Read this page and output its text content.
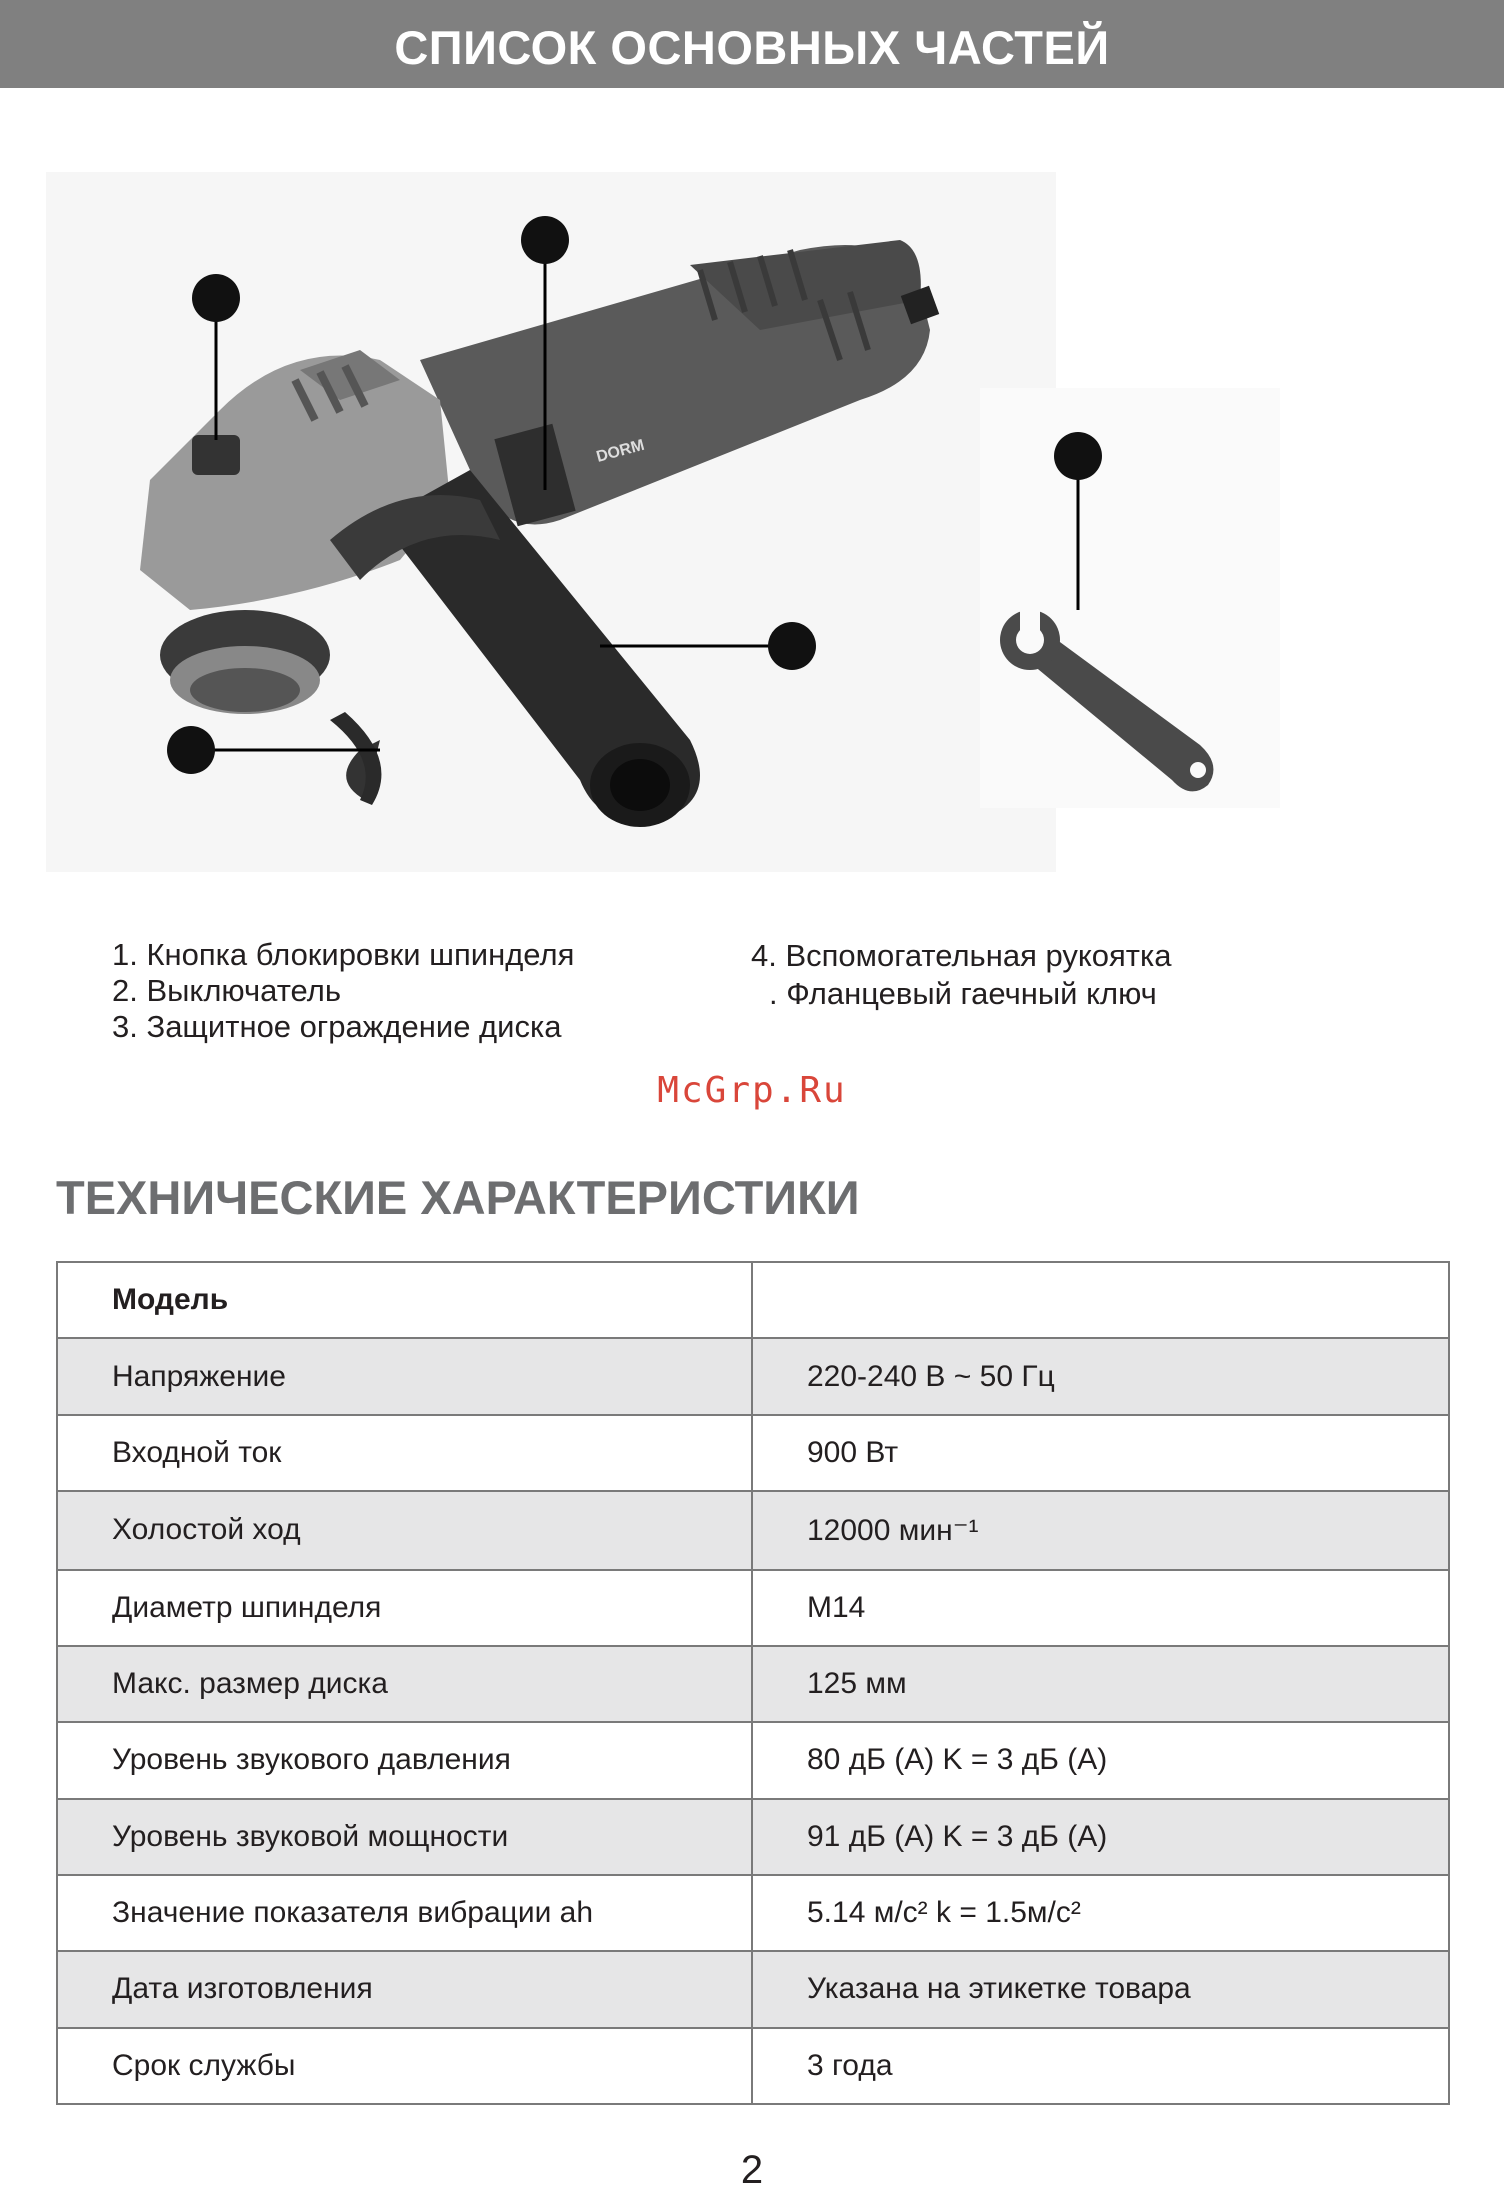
СПИСОК ОСНОВНЫХ ЧАСТЕЙ
DORM
1. Кнопка блокировки шпинделя
2. Выключатель
3. Защитное ограждение диска
4. Вспомогательная рукоятка
. Фланцевый гаечный ключ
McGrp.Ru
ТЕХНИЧЕСКИЕ ХАРАКТЕРИСТИКИ
Модель	
Напряжение	220-240 В ~ 50 Гц
Входной ток	900 Вт
Холостой ход	12000 мин⁻¹
Диаметр шпинделя	M14
Макс. размер диска	125 мм
Уровень звукового давления	80 дБ (A) K = 3 дБ (A)
Уровень звуковой мощности	91 дБ (A) K = 3 дБ (A)
Значение показателя вибрации ah	5.14 м/с² k = 1.5м/с²
Дата изготовления	Указана на этикетке товара
Срок службы	3 года
2
